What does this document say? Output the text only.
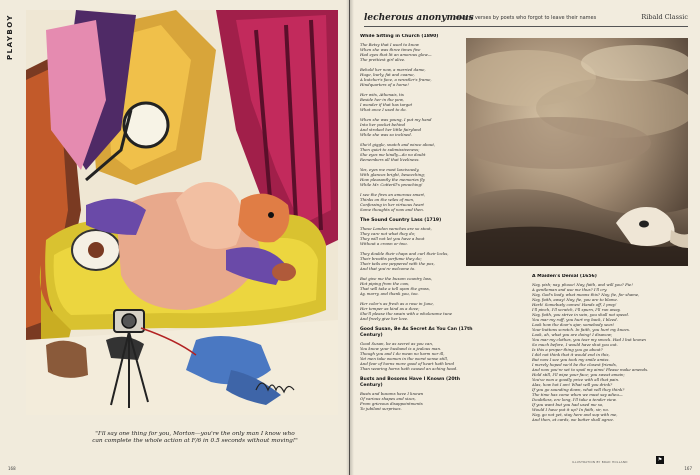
PLAYBOY
"I'll say one thing for you, Morton—you're the only man I know who can complete the whole action at F/6 in 0.5 seconds without moving!"
168
lecherous anonymous
several verses by poets who forgot to leave their names	Ribald Classic
While Sitting in Church (1890)

The Betsy that I used to know
When she was three times five
Had eyes that lit an amorous glow—
The prettiest girl alive.

Behold her now, a married dame,
Huge, burly, fat and coarse,
A butcher's face, a wrestler's frame,
Hindquarters of a horse!

Her wits, Athenais, tis
Beside her in the pew,
I wonder if that has target
What once I used to do.

When she was young, I put my hand
Into her pocket behind
And stroked her little fairyland
While she was so inclined.

She'd giggle, snatch and wince about,
Then quiet to submissiveness;
She eyes me kindly—do no doubt
Remembers all that liveliness.

Yes, eyes me most lascivously,
With glances bright, beseeching;
How pleasantly the memories fly
While Mr. Cotterill's preaching!

I see the fires an amorous smart,
Thinks on the wiles of men,
Confessing in her virtuous heart
Some thoughts of now and then.

The Sound Country Lass (1719)

These London wenches are so stout,
They care not what they do;
They will not let you have a bout
Without a crown or two.

They double their chaps and curl their locks,
Their breaths perfume they do;
Their tails are peppered with the pox,
And that you're welcome to.

But give me the buxom country lass,
Hot piping from the cow,
That will take a tell upon the grass,
Ay, marry, and thank you, too.

Her color's as fresh as a rose in June,
Her temper as kind as a dove;
She'll please the swain with a wholesome tune
And freely give her love.

Good Susan, Be As Secret As You Can (17th Century)

Good Susan, be as secret as you can,
You know your husband is a jealous man.
Though you and I do mean no harm nor ill,
Yet men take women in the worst sense still,
And fear of horns more good of heart hath bred
Than wearing horns hath caused an aching head.

Busts and Bosoms Have I Known (20th Century)

Busts and bosoms have I known
Of various shapes and sizes,
From grievous disappointments
To jubilant surprises.

A Maiden's Denial (1656)

Nay, pish; nay, phooe! Nay, faith, and will you? Fie!
A gentleman and use me thus? I'll cry.
Nay, God's body, what means this? Nay, fie, for shame,
Nay, faith, away! Nay, fie, you are to blame.
Hark! Somebody comes! Hands off, I pray!
I'll pinch, I'll scratch, I'll spurn, I'll run away.
Nay, faith, you strive in vain, you shall not speed.
You mar my ruff, you hurt my back, I bleed.
Look how the door's ajar, somebody sees!
Your buttons scratch. In faith, you hurt my knees.
Look, ah, what you are doing! I disavow;
You mar my clothes, you tear my smock. Had I but known
So much before, I would have shut you out.
Is this a proper thing you go about?
I did not think that it would end in this,
But now I see you took my smile amiss.
I merely hoped we'd be the closest friends,
And now you're set to spoil my aims! Please make amends.
Hold still, I'll wipe your face; you sweat amain;
You've won a goodly prize with all that pain.
Alas, how hot I am! What will you drink?
If you go sounding down, what will they think?
The time has come when we must say adieu—
Doubtless, ere long, I'll take a tender view.
If you want but you had used me so,
Would I have put it up? In faith, sir, no.
Nay, go not yet, stay here and sup with me,
And then, at cards, we better shall agree.

ILLUSTRATION BY BRAD HOLLAND	⚑
167
